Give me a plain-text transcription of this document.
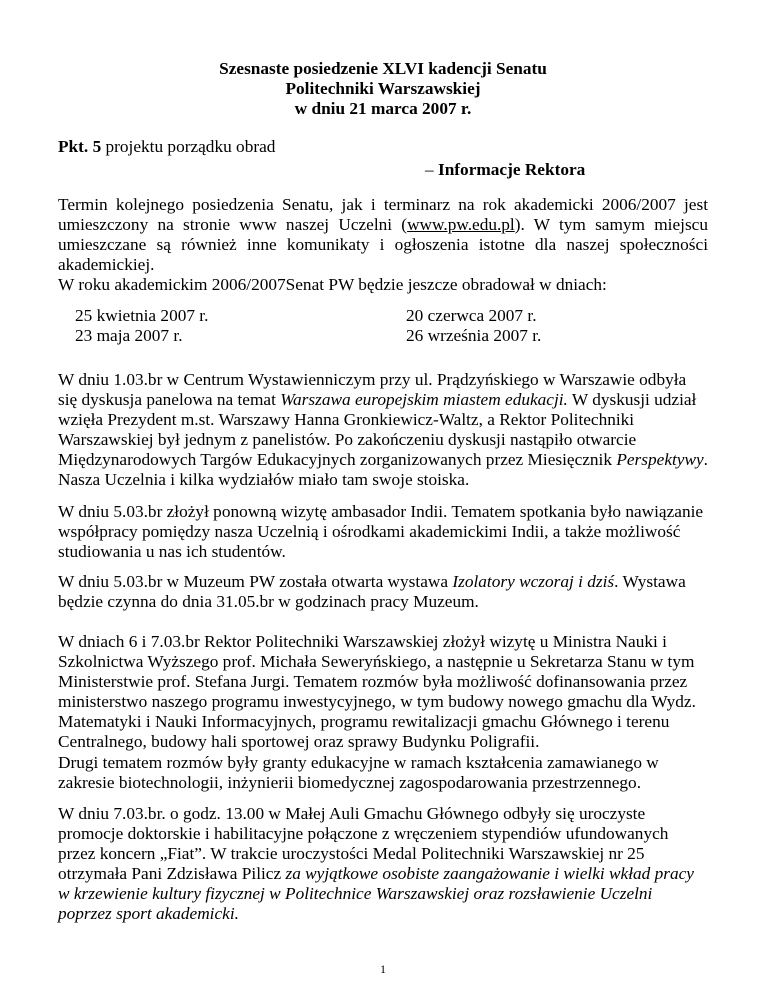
Szesnaste posiedzenie XLVI kadencji Senatu
Politechniki Warszawskiej
w dniu 21 marca 2007 r.
Pkt. 5 projektu porządku obrad
– Informacje Rektora

Termin kolejnego posiedzenia Senatu, jak i terminarz na rok akademicki 2006/2007 jest umieszczony na stronie www naszej Uczelni (www.pw.edu.pl). W tym samym miejscu umieszczane są również inne komunikaty i ogłoszenia istotne dla naszej społeczności akademickiej.
W roku akademickim 2006/2007Senat PW będzie jeszcze obradował w dniach:

25 kwietnia 2007 r.
23 maja 2007 r.
20 czerwca 2007 r.
26 września 2007 r.

W dniu 1.03.br w Centrum Wystawienniczym przy ul. Prądzyńskiego w Warszawie odbyła się dyskusja panelowa na temat Warszawa europejskim miastem edukacji. W dyskusji udział wzięła Prezydent m.st. Warszawy Hanna Gronkiewicz-Waltz, a Rektor Politechniki Warszawskiej był jednym z panelistów. Po zakończeniu dyskusji nastąpiło otwarcie Międzynarodowych Targów Edukacyjnych zorganizowanych przez Miesięcznik Perspektywy. Nasza Uczelnia i kilka wydziałów miało tam swoje stoiska.

W dniu 5.03.br złożył ponowną wizytę ambasador Indii. Tematem spotkania było nawiązanie współpracy pomiędzy nasza Uczelnią i ośrodkami akademickimi Indii, a także możliwość studiowania u nas ich studentów.

W dniu 5.03.br w Muzeum PW została otwarta wystawa Izolatory wczoraj i dziś. Wystawa będzie czynna do dnia 31.05.br w godzinach pracy Muzeum.

W dniach 6 i 7.03.br Rektor Politechniki Warszawskiej złożył wizytę u Ministra Nauki i Szkolnictwa Wyższego prof. Michała Seweryńskiego, a następnie u Sekretarza Stanu w tym Ministerstwie prof. Stefana Jurgi. Tematem rozmów była możliwość dofinansowania przez ministerstwo naszego programu inwestycyjnego, w tym budowy nowego gmachu dla Wydz. Matematyki i Nauki Informacyjnych, programu rewitalizacji gmachu Głównego i terenu Centralnego, budowy hali sportowej oraz sprawy Budynku Poligrafii.
Drugi tematem rozmów były granty edukacyjne w ramach kształcenia zamawianego w zakresie biotechnologii, inżynierii biomedycznej zagospodarowania przestrzennego.

W dniu 7.03.br. o godz. 13.00 w Małej Auli Gmachu Głównego odbyły się uroczyste promocje doktorskie i habilitacyjne połączone z wręczeniem stypendiów ufundowanych przez koncern „Fiat”. W trakcie uroczystości Medal Politechniki Warszawskiej nr 25 otrzymała Pani Zdzisława Pilicz za wyjątkowe osobiste zaangażowanie i wielki wkład pracy w krzewienie kultury fizycznej w Politechnice Warszawskiej oraz rozsławienie Uczelni poprzez sport akademicki.

1
